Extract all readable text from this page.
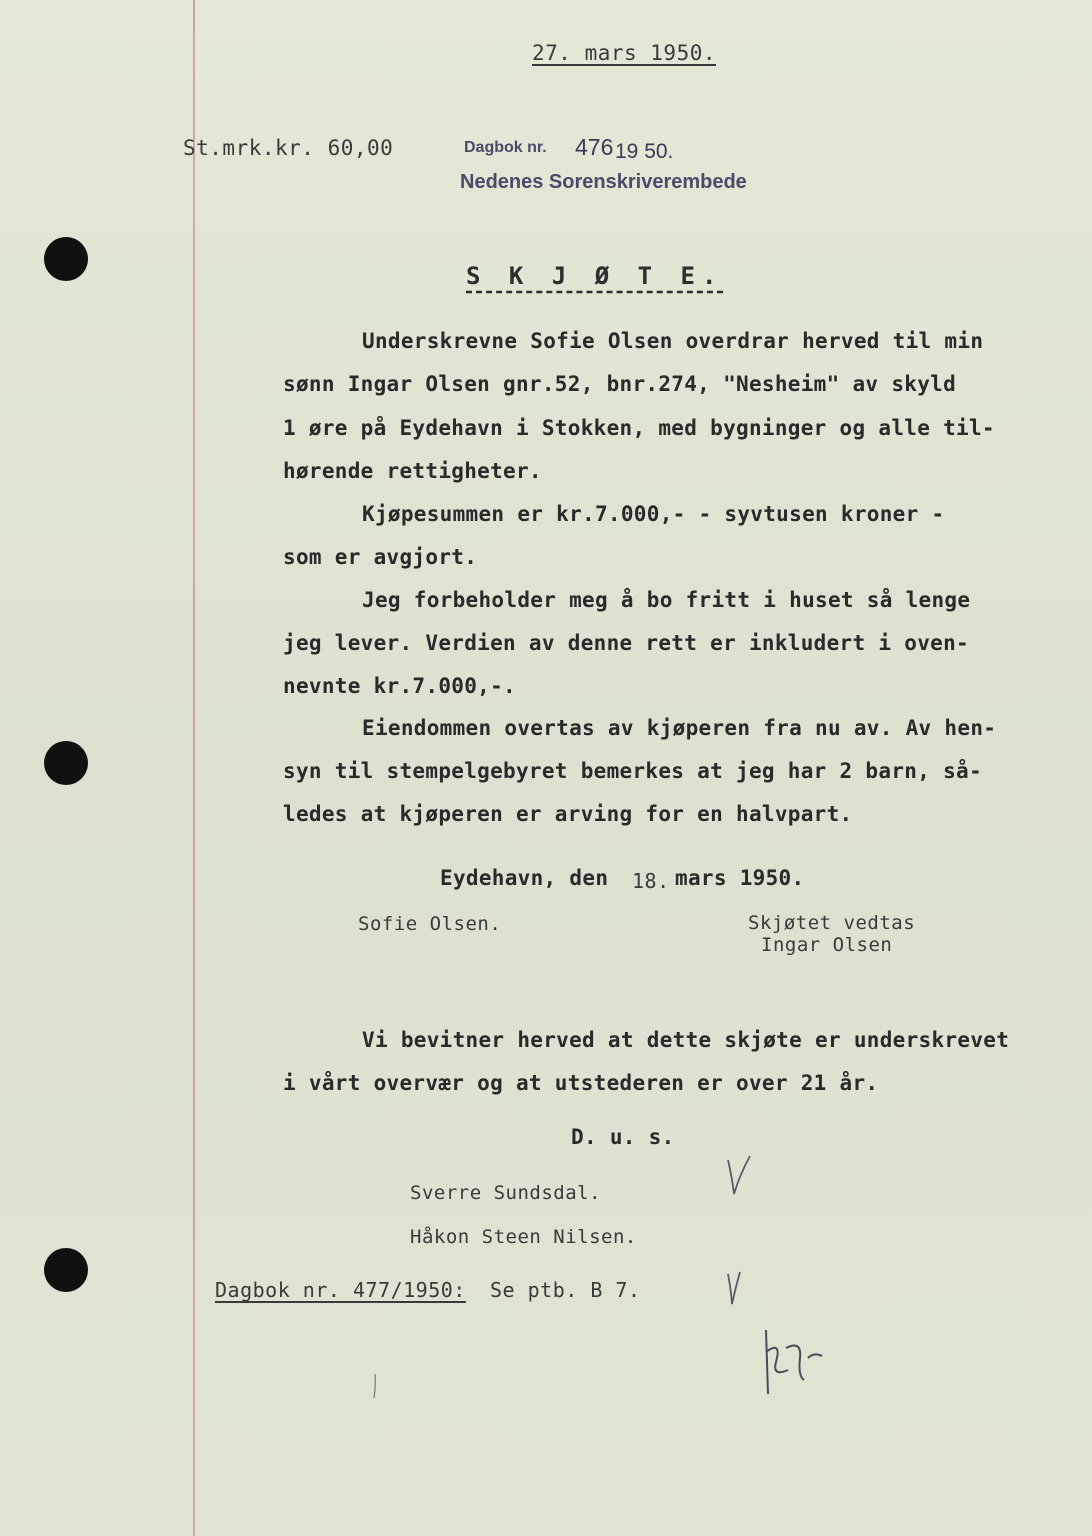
27. mars 1950.
St.mrk.kr. 60,00	Dagbok nr. 476 19 50.
Nedenes Sorenskriverembede
S K J Ø T E.
Underskrevne Sofie Olsen overdrar herved til min
sønn Ingar Olsen gnr.52, bnr.274, "Nesheim" av skyld
1 øre på Eydehavn i Stokken, med bygninger og alle til-
hørende rettigheter.
Kjøpesummen er kr.7.000,- - syvtusen kroner -
som er avgjort.
Jeg forbeholder meg å bo fritt i huset så lenge
jeg lever. Verdien av denne rett er inkludert i oven-
nevnte kr.7.000,-.
Eiendommen overtas av kjøperen fra nu av. Av hen-
syn til stempelgebyret bemerkes at jeg har 2 barn, så-
ledes at kjøperen er arving for en halvpart.
Eydehavn, den 18. mars 1950.
Sofie Olsen.	Skjøtet vedtas
Ingar Olsen
Vi bevitner herved at dette skjøte er underskrevet
i vårt overvær og at utstederen er over 21 år.
D. u. s.
Sverre Sundsdal.
Håkon Steen Nilsen.
Dagbok nr. 477/1950: Se ptb. B 7.
